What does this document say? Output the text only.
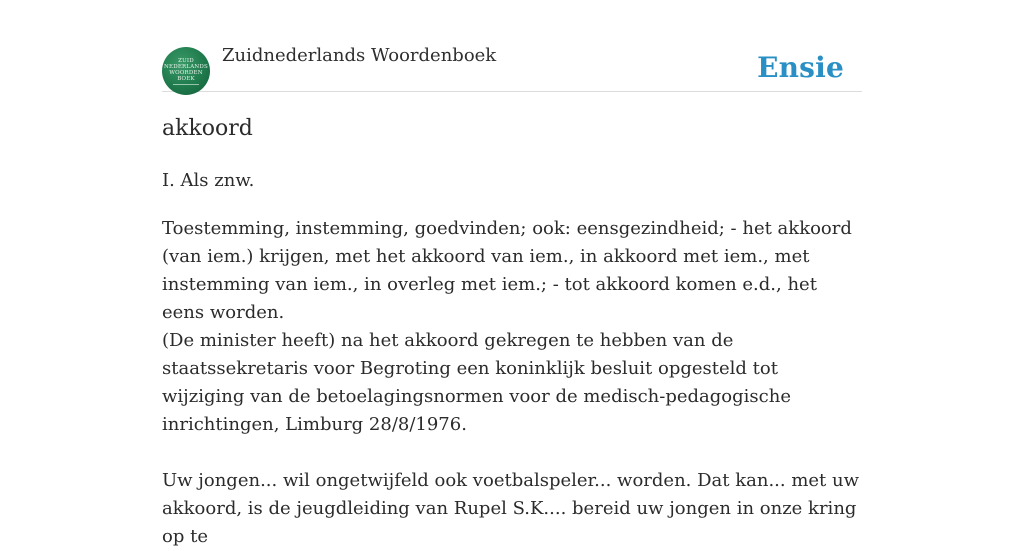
ZUID
NEDERLANDS
WOORDEN
BOEK
Zuidnederlands Woordenboek	Ensie
akkoord
I. Als znw.

Toestemming, instemming, goedvinden; ook: eensgezindheid; - het akkoord (van iem.) krijgen, met het akkoord van iem., in akkoord met iem., met instemming van iem., in overleg met iem.; - tot akkoord komen e.d., het eens worden.

(De minister heeft) na het akkoord gekregen te hebben van de staatssekretaris voor Begroting een koninklijk besluit opgesteld tot wijziging van de betoelagingsnormen voor de medisch-pedagogische inrichtingen, Limburg 28/8/1976.

Uw jongen... wil ongetwijfeld ook voetbalspeler... worden. Dat kan... met uw akkoord, is de jeugdleiding van Rupel S.K.... bereid uw jongen in onze kring op te
